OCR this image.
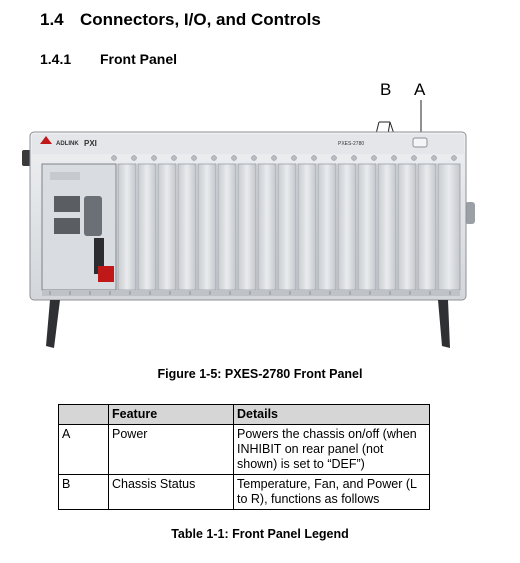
1.4 Connectors, I/O, and Controls
1.4.1 Front Panel
B A
ADLINK PXI	PXES-2780
Figure 1-5: PXES-2780 Front Panel
	Feature	Details
A	Power	Powers the chassis on/off (when INHIBIT on rear panel (not shown) is set to “DEF”)
B	Chassis Status	Temperature, Fan, and Power (L to R), functions as follows
Table 1-1: Front Panel Legend
